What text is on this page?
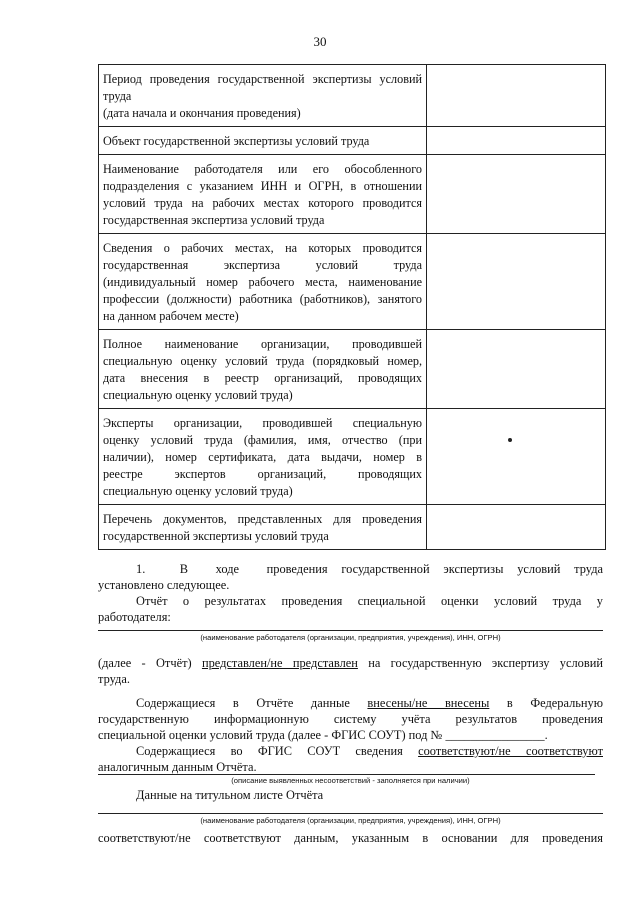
30
Период проведения государственной экспертизы условий
труда
(дата начала и окончания проведения)	

Объект государственной экспертизы условий труда	

Наименование работодателя или его обособленного
подразделения с указанием ИНН и ОГРН, в отношении
условий труда на рабочих местах которого проводится
государственная экспертиза условий труда	

Сведения о рабочих местах, на которых проводится
государственная экспертиза условий труда
(индивидуальный номер рабочего места, наименование
профессии (должности) работника (работников), занятого
на данном рабочем месте)	

Полное наименование организации, проводившей
специальную оценку условий труда (порядковый номер,
дата внесения в реестр организаций, проводящих
специальную оценку условий труда)	

Эксперты организации, проводившей специальную
оценку условий труда (фамилия, имя, отчество (при
наличии), номер сертификата, дата выдачи, номер в
реестре экспертов организаций, проводящих
специальную оценку условий труда)	

Перечень документов, представленных для проведения
государственной экспертизы условий труда	

1.     В    ходе    проведения  государственной  экспертизы  условий  труда

установлено следующее.

Отчёт о результатах проведения специальной оценки условий труда у

работодателя:

(наименование работодателя (организации, предприятия, учреждения), ИНН, ОГРН)

(далее - Отчёт) представлен/не представлен на государственную экспертизу условий

труда.

Содержащиеся в Отчёте данные внесены/не внесены в Федеральную

государственную информационную систему учёта результатов проведения

специальной оценки условий труда (далее - ФГИС СОУТ) под № ________________.

Содержащиеся во ФГИС СОУТ сведения соответствуют/не соответствуют

аналогичным данным Отчёта.

(описание выявленных несоответствий - заполняется при наличии)
Данные на титульном листе Отчёта
(наименование работодателя (организации, предприятия, учреждения), ИНН, ОГРН)
соответствуют/не соответствуют данным, указанным в основании для проведения
